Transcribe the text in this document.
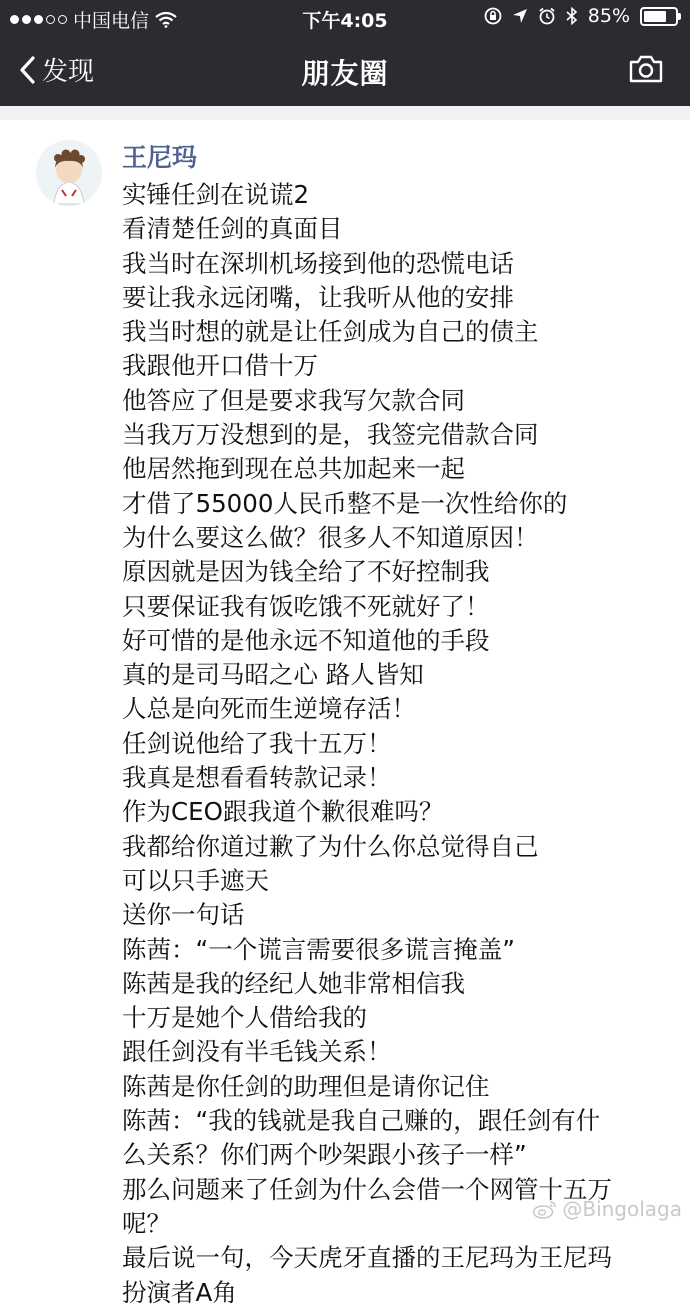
中国电信	下午4:05	85%
发现	朋友圈
王尼玛
实锤任剑在说谎2
看清楚任剑的真面目
我当时在深圳机场接到他的恐慌电话
要让我永远闭嘴，让我听从他的安排
我当时想的就是让任剑成为自己的债主
我跟他开口借十万
他答应了但是要求我写欠款合同
当我万万没想到的是，我签完借款合同
他居然拖到现在总共加起来一起
才借了55000人民币整不是一次性给你的
为什么要这么做？很多人不知道原因！
原因就是因为钱全给了不好控制我
只要保证我有饭吃饿不死就好了！
好可惜的是他永远不知道他的手段
真的是司马昭之心 路人皆知
人总是向死而生逆境存活！
任剑说他给了我十五万！
我真是想看看转款记录！
作为CEO跟我道个歉很难吗？
我都给你道过歉了为什么你总觉得自己
可以只手遮天
送你一句话
陈茜：“一个谎言需要很多谎言掩盖”
陈茜是我的经纪人她非常相信我
十万是她个人借给我的
跟任剑没有半毛钱关系！
陈茜是你任剑的助理但是请你记住
陈茜：“我的钱就是我自己赚的，跟任剑有什
么关系？你们两个吵架跟小孩子一样”
那么问题来了任剑为什么会借一个网管十五万
呢？
最后说一句，今天虎牙直播的王尼玛为王尼玛
扮演者A角
@Bingolaga
